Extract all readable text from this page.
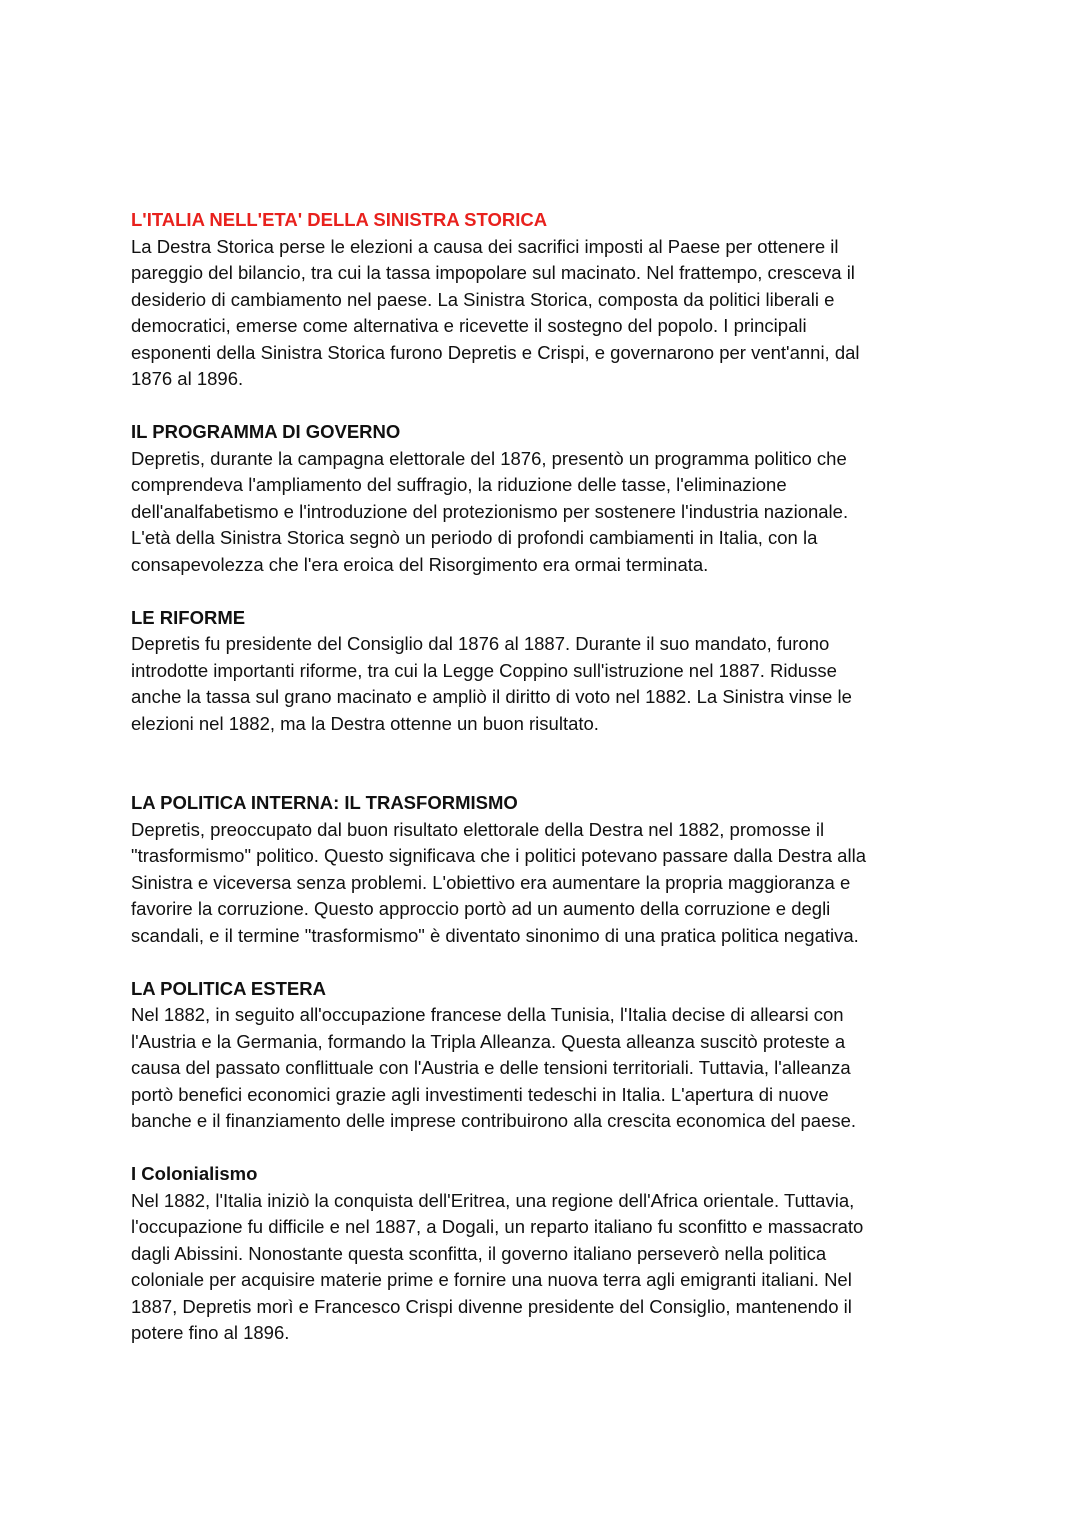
L'ITALIA NELL'ETA' DELLA SINISTRA STORICA
La Destra Storica perse le elezioni a causa dei sacrifici imposti al Paese per ottenere il
pareggio del bilancio, tra cui la tassa impopolare sul macinato. Nel frattempo, cresceva il
desiderio di cambiamento nel paese. La Sinistra Storica, composta da politici liberali e
democratici, emerse come alternativa e ricevette il sostegno del popolo. I principali
esponenti della Sinistra Storica furono Depretis e Crispi, e governarono per vent'anni, dal
1876 al 1896.
IL PROGRAMMA DI GOVERNO
Depretis, durante la campagna elettorale del 1876, presentò un programma politico che
comprendeva l'ampliamento del suffragio, la riduzione delle tasse, l'eliminazione
dell'analfabetismo e l'introduzione del protezionismo per sostenere l'industria nazionale.
L'età della Sinistra Storica segnò un periodo di profondi cambiamenti in Italia, con la
consapevolezza che l'era eroica del Risorgimento era ormai terminata.
LE RIFORME
Depretis fu presidente del Consiglio dal 1876 al 1887. Durante il suo mandato, furono
introdotte importanti riforme, tra cui la Legge Coppino sull'istruzione nel 1887. Ridusse
anche la tassa sul grano macinato e ampliò il diritto di voto nel 1882. La Sinistra vinse le
elezioni nel 1882, ma la Destra ottenne un buon risultato.
LA POLITICA INTERNA: IL TRASFORMISMO
Depretis, preoccupato dal buon risultato elettorale della Destra nel 1882, promosse il
"trasformismo" politico. Questo significava che i politici potevano passare dalla Destra alla
Sinistra e viceversa senza problemi. L'obiettivo era aumentare la propria maggioranza e
favorire la corruzione. Questo approccio portò ad un aumento della corruzione e degli
scandali, e il termine "trasformismo" è diventato sinonimo di una pratica politica negativa.
LA POLITICA ESTERA
Nel 1882, in seguito all'occupazione francese della Tunisia, l'Italia decise di allearsi con
l'Austria e la Germania, formando la Tripla Alleanza. Questa alleanza suscitò proteste a
causa del passato conflittuale con l'Austria e delle tensioni territoriali. Tuttavia, l'alleanza
portò benefici economici grazie agli investimenti tedeschi in Italia. L'apertura di nuove
banche e il finanziamento delle imprese contribuirono alla crescita economica del paese.
I Colonialismo
Nel 1882, l'Italia iniziò la conquista dell'Eritrea, una regione dell'Africa orientale. Tuttavia,
l'occupazione fu difficile e nel 1887, a Dogali, un reparto italiano fu sconfitto e massacrato
dagli Abissini. Nonostante questa sconfitta, il governo italiano perseverò nella politica
coloniale per acquisire materie prime e fornire una nuova terra agli emigranti italiani. Nel
1887, Depretis morì e Francesco Crispi divenne presidente del Consiglio, mantenendo il
potere fino al 1896.
